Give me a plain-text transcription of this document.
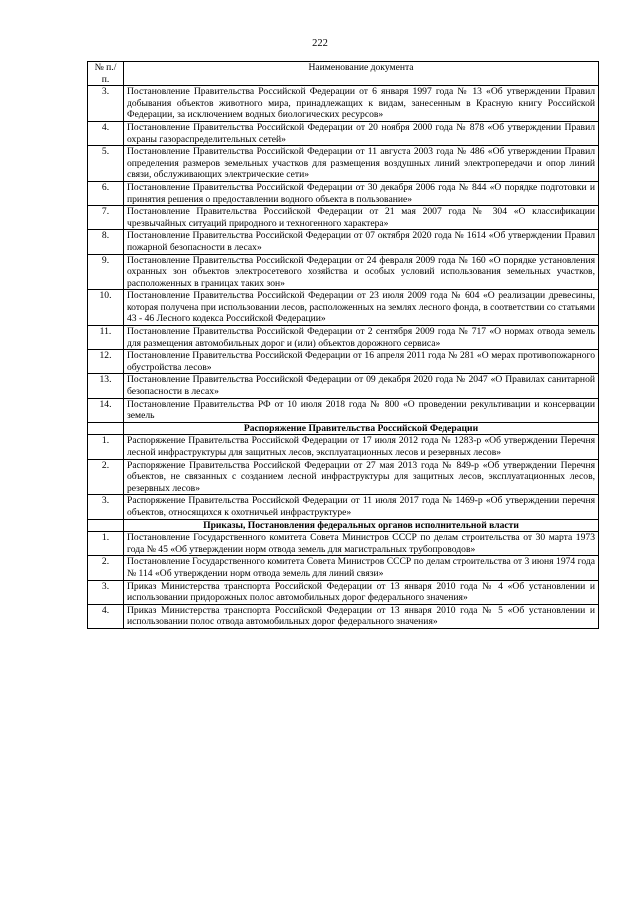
222
№ п./п.	Наименование документа
3.	Постановление Правительства Российской Федерации от 6 января 1997 года № 13 «Об утверждении Правил добывания объектов животного мира, принадлежащих к видам, занесенным в Красную книгу Российской Федерации, за исключением водных биологических ресурсов»
4.	Постановление Правительства Российской Федерации от 20 ноября 2000 года № 878 «Об утверждении Правил охраны газораспределительных сетей»
5.	Постановление Правительства Российской Федерации от 11 августа 2003 года № 486 «Об утверждении Правил определения размеров земельных участков для размещения воздушных линий электропередачи и опор линий связи, обслуживающих электрические сети»
6.	Постановление Правительства Российской Федерации от 30 декабря 2006 года № 844 «О порядке подготовки и принятия решения о предоставлении водного объекта в пользование»
7.	Постановление Правительства Российской Федерации от 21 мая 2007 года № 304 «О классификации чрезвычайных ситуаций природного и техногенного характера»
8.	Постановление Правительства Российской Федерации от 07 октября 2020 года № 1614 «Об утверждении Правил пожарной безопасности в лесах»
9.	Постановление Правительства Российской Федерации от 24 февраля 2009 года № 160 «О порядке установления охранных зон объектов электросетевого хозяйства и особых условий использования земельных участков, расположенных в границах таких зон»
10.	Постановление Правительства Российской Федерации от 23 июля 2009 года № 604 «О реализации древесины, которая получена при использовании лесов, расположенных на землях лесного фонда, в соответствии со статьями 43 - 46 Лесного кодекса Российской Федерации»
11.	Постановление Правительства Российской Федерации от 2 сентября 2009 года № 717 «О нормах отвода земель для размещения автомобильных дорог и (или) объектов дорожного сервиса»
12.	Постановление Правительства Российской Федерации от 16 апреля 2011 года № 281 «О мерах противопожарного обустройства лесов»
13.	Постановление Правительства Российской Федерации от 09 декабря 2020 года № 2047 «О Правилах санитарной безопасности в лесах»
14.	Постановление Правительства РФ от 10 июля 2018 года № 800 «О проведении рекультивации и консервации земель
	Распоряжение Правительства Российской Федерации
1.	Распоряжение Правительства Российской Федерации от 17 июля 2012 года № 1283-р «Об утверждении Перечня лесной инфраструктуры для защитных лесов, эксплуатационных лесов и резервных лесов»
2.	Распоряжение Правительства Российской Федерации от 27 мая 2013 года № 849-р «Об утверждении Перечня объектов, не связанных с созданием лесной инфраструктуры для защитных лесов, эксплуатационных лесов, резервных лесов»
3.	Распоряжение Правительства Российской Федерации от 11 июля 2017 года № 1469-р «Об утверждении перечня объектов, относящихся к охотничьей инфраструктуре»
	Приказы, Постановления федеральных органов исполнительной власти
1.	Постановление Государственного комитета Совета Министров СССР по делам строительства от 30 марта 1973 года № 45 «Об утверждении норм отвода земель для магистральных трубопроводов»
2.	Постановление Государственного комитета Совета Министров СССР по делам строительства от 3 июня 1974 года № 114 «Об утверждении норм отвода земель для линий связи»
3.	Приказ Министерства транспорта Российской Федерации от 13 января 2010 года № 4 «Об установлении и использовании придорожных полос автомобильных дорог федерального значения»
4.	Приказ Министерства транспорта Российской Федерации от 13 января 2010 года № 5 «Об установлении и использовании полос отвода автомобильных дорог федерального значения»
